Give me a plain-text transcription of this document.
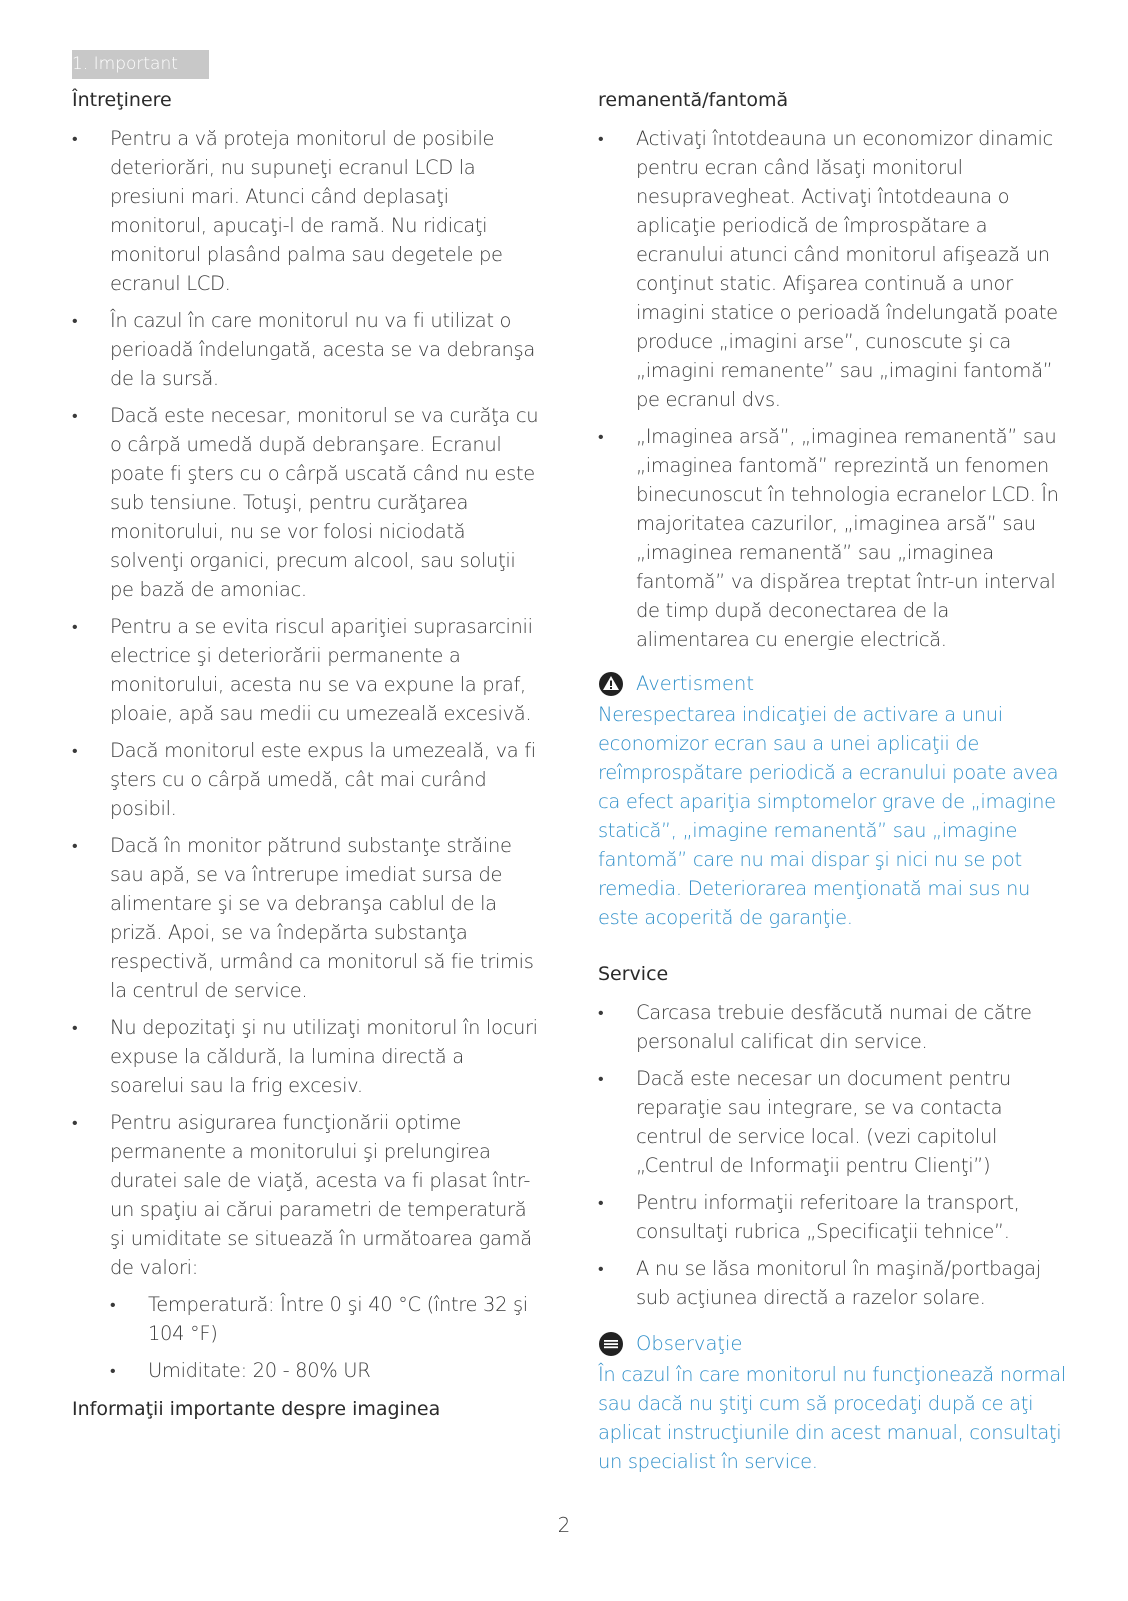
1. Important
Întreţinere
• Pentru a vă proteja monitorul de posibile deteriorări, nu supuneţi ecranul LCD la presiuni mari. Atunci când deplasaţi monitorul, apucaţi-l de ramă. Nu ridicaţi monitorul plasând palma sau degetele pe ecranul LCD.
• În cazul în care monitorul nu va fi utilizat o perioadă îndelungată, acesta se va debranşa de la sursă.
• Dacă este necesar, monitorul se va curăţa cu o cârpă umedă după debranşare. Ecranul poate fi şters cu o cârpă uscată când nu este sub tensiune. Totuşi, pentru curăţarea monitorului, nu se vor folosi niciodată solvenţi organici, precum alcool, sau soluţii pe bază de amoniac.
• Pentru a se evita riscul apariţiei suprasarcinii electrice şi deteriorării permanente a monitorului, acesta nu se va expune la praf, ploaie, apă sau medii cu umezeală excesivă.
• Dacă monitorul este expus la umezeală, va fi şters cu o cârpă umedă, cât mai curând posibil.
• Dacă în monitor pătrund substanţe străine sau apă, se va întrerupe imediat sursa de alimentare şi se va debranşa cablul de la priză. Apoi, se va îndepărta substanţa respectivă, urmând ca monitorul să fie trimis la centrul de service.
• Nu depozitaţi şi nu utilizaţi monitorul în locuri expuse la căldură, la lumina directă a soarelui sau la frig excesiv.
• Pentru asigurarea funcţionării optime permanente a monitorului şi prelungirea duratei sale de viaţă, acesta va fi plasat într-un spaţiu ai cărui parametri de temperatură şi umiditate se situează în următoarea gamă de valori:
• Temperatură: Între 0 şi 40 °C (între 32 şi 104 °F)
• Umiditate: 20 - 80% UR
Informaţii importante despre imaginea
remanentă/fantomă
• Activaţi întotdeauna un economizor dinamic pentru ecran când lăsaţi monitorul nesupravegheat. Activaţi întotdeauna o aplicaţie periodică de împrospătare a ecranului atunci când monitorul afişează un conţinut static. Afişarea continuă a unor imagini statice o perioadă îndelungată poate produce „imagini arse”, cunoscute şi ca „imagini remanente” sau „imagini fantomă” pe ecranul dvs.
• „Imaginea arsă”, „imaginea remanentă” sau „imaginea fantomă” reprezintă un fenomen binecunoscut în tehnologia ecranelor LCD. În majoritatea cazurilor, „imaginea arsă” sau „imaginea remanentă” sau „imaginea fantomă” va dispărea treptat într-un interval de timp după deconectarea de la alimentarea cu energie electrică.
Avertisment
Nerespectarea indicaţiei de activare a unui economizor ecran sau a unei aplicaţii de reîmprospătare periodică a ecranului poate avea ca efect apariţia simptomelor grave de „imagine statică”, „imagine remanentă” sau „imagine fantomă” care nu mai dispar şi nici nu se pot remedia. Deteriorarea menţionată mai sus nu este acoperită de garanţie.
Service
• Carcasa trebuie desfăcută numai de către personalul calificat din service.
• Dacă este necesar un document pentru reparaţie sau integrare, se va contacta centrul de service local. (vezi capitolul „Centrul de Informaţii pentru Clienţi”)
• Pentru informaţii referitoare la transport, consultaţi rubrica „Specificaţii tehnice”.
• A nu se lăsa monitorul în maşină/portbagaj sub acţiunea directă a razelor solare.
Observaţie
În cazul în care monitorul nu funcţionează normal sau dacă nu ştiţi cum să procedaţi după ce aţi aplicat instrucţiunile din acest manual, consultaţi un specialist în service.
2
